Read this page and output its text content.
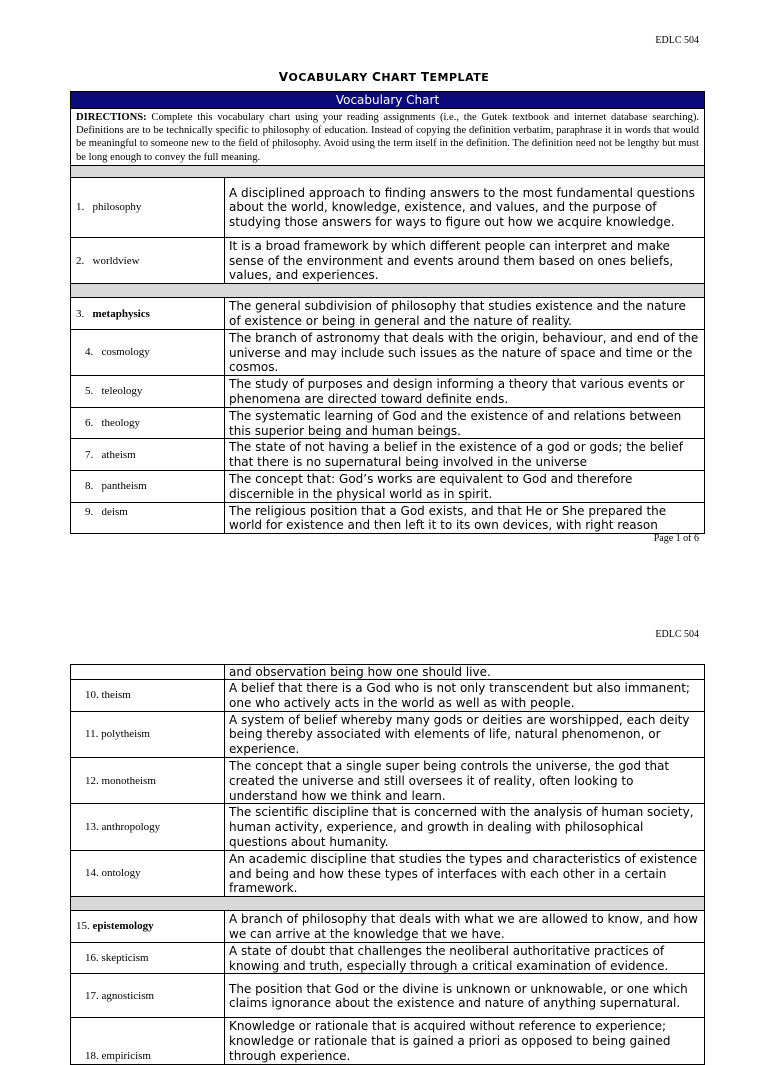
EDLC 504
VOCABULARY CHART TEMPLATE
Vocabulary Chart	
DIRECTIONS: Complete this vocabulary chart using your reading assignments (i.e., the Gutek textbook and internet database searching). Definitions are to be technically specific to philosophy of education. Instead of copying the definition verbatim, paraphrase it in words that would be meaningful to someone new to the field of philosophy. Avoid using the term itself in the definition. The definition need not be lengthy but must be long enough to convey the full meaning.	

1. philosophy	A disciplined approach to finding answers to the most fundamental questions about the world, knowledge, existence, and values, and the purpose of studying those answers for ways to figure out how we acquire knowledge.
2. worldview	It is a broad framework by which different people can interpret and make sense of the environment and events around them based on ones beliefs, values, and experiences.

3. metaphysics	The general subdivision of philosophy that studies existence and the nature of existence or being in general and the nature of reality.
4. cosmology	The branch of astronomy that deals with the origin, behaviour, and end of the universe and may include such issues as the nature of space and time or the cosmos.
5. teleology	The study of purposes and design informing a theory that various events or phenomena are directed toward definite ends.
6. theology	The systematic learning of God and the existence of and relations between this superior being and human beings.
7. atheism	The state of not having a belief in the existence of a god or gods; the belief that there is no supernatural being involved in the universe
8. pantheism	The concept that: God’s works are equivalent to God and therefore discernible in the physical world as in spirit.
9. deism	The religious position that a God exists, and that He or She prepared the world for existence and then left it to its own devices, with right reason
Page 1 of 6
EDLC 504
	and observation being how one should live.
10. theism	A belief that there is a God who is not only transcendent but also immanent; one who actively acts in the world as well as with people.
11. polytheism	A system of belief whereby many gods or deities are worshipped, each deity being thereby associated with elements of life, natural phenomenon, or experience.
12. monotheism	The concept that a single super being controls the universe, the god that created the universe and still oversees it of reality, often looking to understand how we think and learn.
13. anthropology	The scientific discipline that is concerned with the analysis of human society, human activity, experience, and growth in dealing with philosophical questions about humanity.
14. ontology	An academic discipline that studies the types and characteristics of existence and being and how these types of interfaces with each other in a certain framework.

15. epistemology	A branch of philosophy that deals with what we are allowed to know, and how we can arrive at the knowledge that we have.
16. skepticism	A state of doubt that challenges the neoliberal authoritative practices of knowing and truth, especially through a critical examination of evidence.
17. agnosticism	The position that God or the divine is unknown or unknowable, or one which claims ignorance about the existence and nature of anything supernatural.
18. empiricism	Knowledge or rationale that is acquired without reference to experience; knowledge or rationale that is gained a priori as opposed to being gained through experience.
